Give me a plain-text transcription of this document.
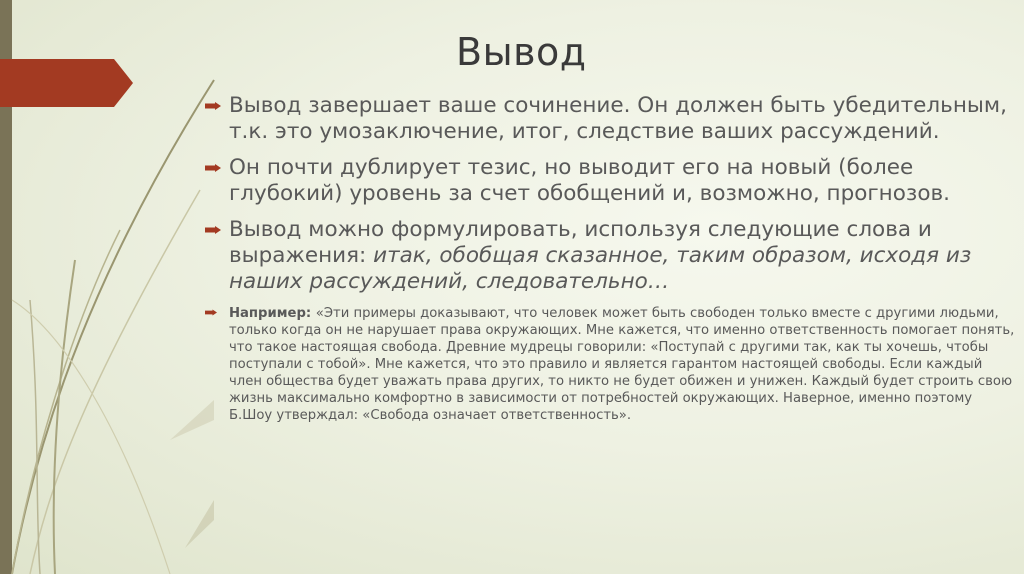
Вывод
Вывод завершает ваше сочинение. Он должен быть убедительным, т.к. это умозаключение, итог, следствие ваших рассуждений.
Он почти дублирует тезис, но выводит его на новый (более глубокий) уровень за счет обобщений и, возможно, прогнозов.
Вывод можно формулировать, используя следующие слова и выражения: итак, обобщая сказанное, таким образом, исходя из наших рассуждений, следовательно…
Например: «Эти примеры доказывают, что человек может быть свободен только вместе с другими людьми, только когда он не нарушает права окружающих. Мне кажется, что именно ответственность помогает понять, что такое настоящая свобода. Древние мудрецы говорили: «Поступай с другими так, как ты хочешь, чтобы поступали с тобой». Мне кажется, что это правило и является гарантом настоящей свободы. Если каждый член общества будет уважать права других, то никто не будет обижен и унижен. Каждый будет строить свою жизнь максимально комфортно в зависимости от потребностей окружающих. Наверное, именно поэтому Б.Шоу утверждал: «Свобода означает ответственность».
